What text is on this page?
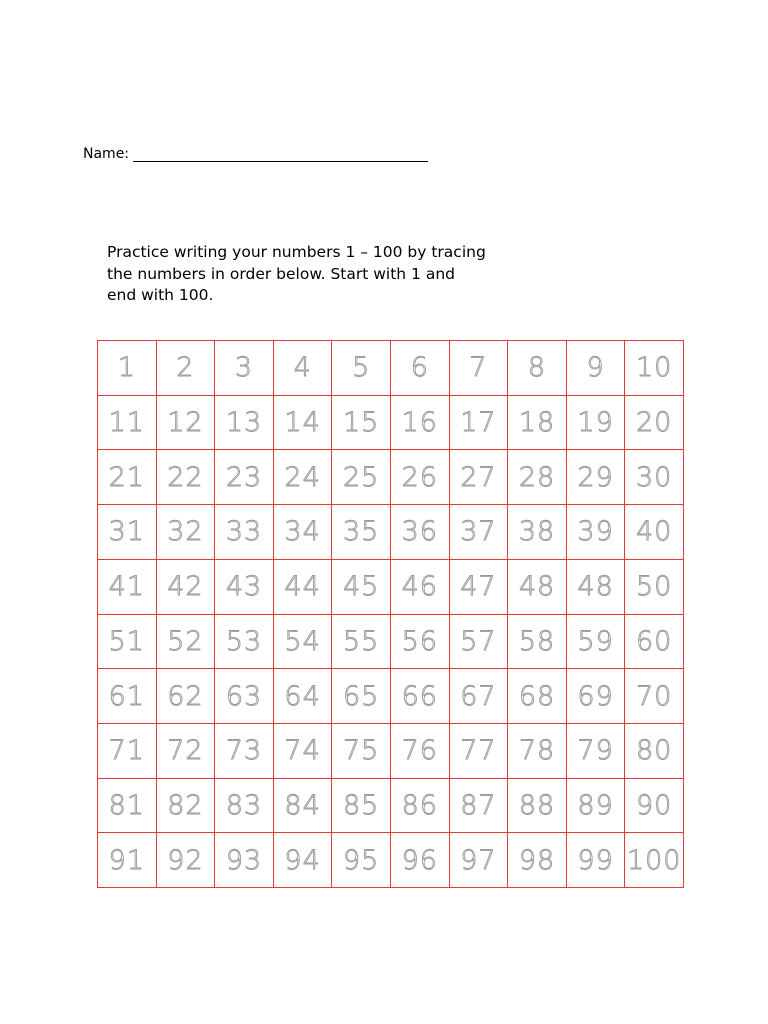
Name:
Practice writing your numbers 1 – 100 by tracing
the numbers in order below. Start with 1 and
end with 100.
1	2	3	4	5	6	7	8	9	10
11 12 13 14 15 16 17 18 19 20
21 22 23 24 25 26 27 28 29 30
31 32 33 34 35 36 37 38 39 40
41 42 43 44 45 46 47 48 48 50
51 52 53 54 55 56 57 58 59 60
61 62 63 64 65 66 67 68 69 70
71 72 73 74 75 76 77 78 79 80
81 82 83 84 85 86 87 88 89 90
91 92 93 94 95 96 97 98 99 100
